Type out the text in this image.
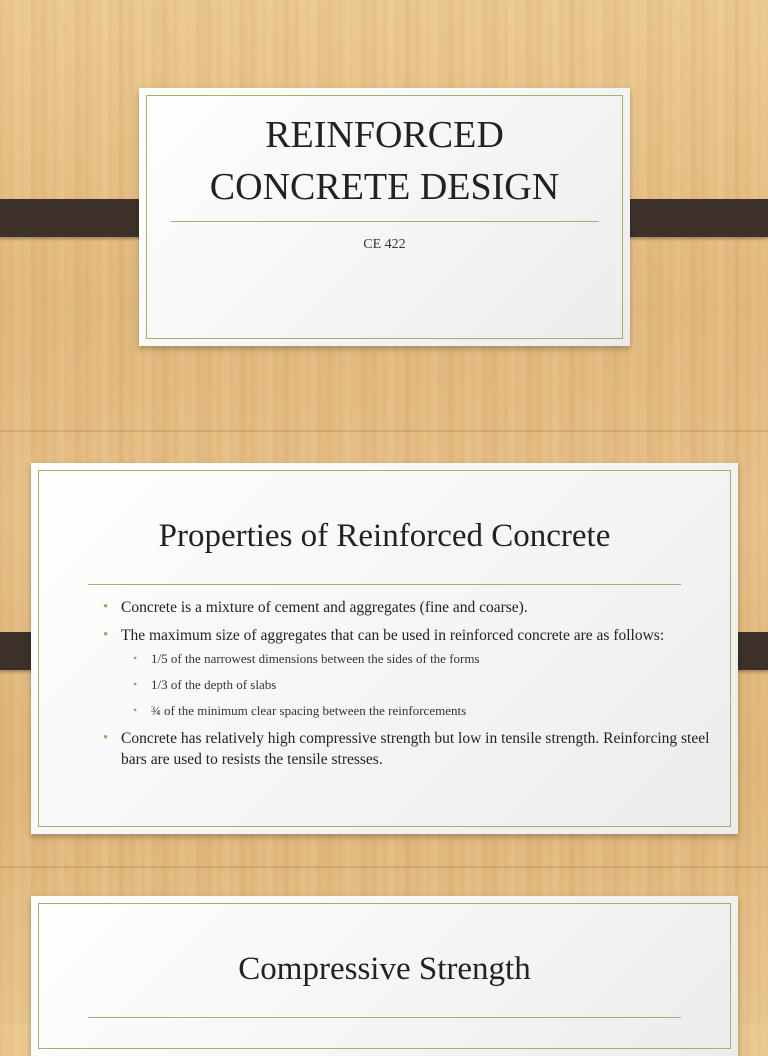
REINFORCED
CONCRETE DESIGN
CE 422
Properties of Reinforced Concrete
• Concrete is a mixture of cement and aggregates (fine and coarse).
• The maximum size of aggregates that can be used in reinforced concrete are as follows:
• 1/5 of the narrowest dimensions between the sides of the forms
• 1/3 of the depth of slabs
• ¾ of the minimum clear spacing between the reinforcements
• Concrete has relatively high compressive strength but low in tensile strength. Reinforcing steel bars are used to resists the tensile stresses.
Compressive Strength
